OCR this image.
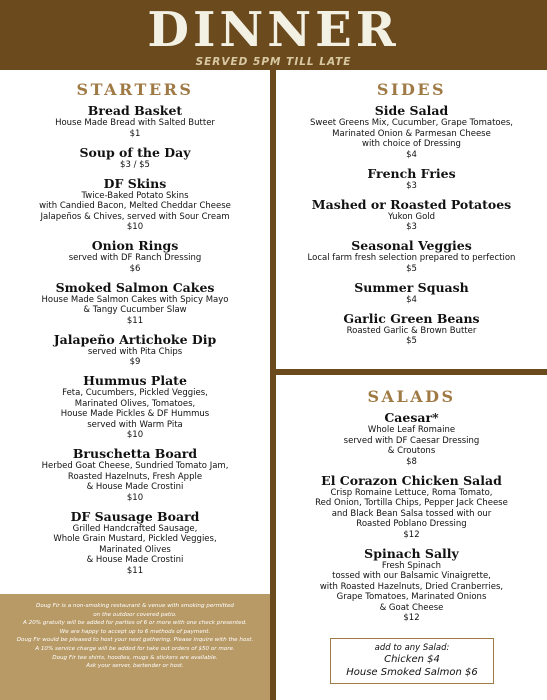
DINNER
SERVED 5PM TILL LATE
STARTERS
Bread Basket
House Made Bread with Salted Butter
$1
Soup of the Day
$3 / $5
DF Skins
Twice-Baked Potato Skins
with Candied Bacon, Melted Cheddar Cheese
Jalapeños & Chives, served with Sour Cream
$10
Onion Rings
served with DF Ranch Dressing
$6
Smoked Salmon Cakes
House Made Salmon Cakes with Spicy Mayo
& Tangy Cucumber Slaw
$11
Jalapeño Artichoke Dip
served with Pita Chips
$9
Hummus Plate
Feta, Cucumbers, Pickled Veggies,
Marinated Olives, Tomatoes,
House Made Pickles & DF Hummus
served with Warm Pita
$10
Bruschetta Board
Herbed Goat Cheese, Sundried Tomato Jam,
Roasted Hazelnuts, Fresh Apple
& House Made Crostini
$10
DF Sausage Board
Grilled Handcrafted Sausage,
Whole Grain Mustard, Pickled Veggies,
Marinated Olives
& House Made Crostini
$11
SIDES
Side Salad
Sweet Greens Mix, Cucumber, Grape Tomatoes,
Marinated Onion & Parmesan Cheese
with choice of Dressing
$4
French Fries
$3
Mashed or Roasted Potatoes
Yukon Gold
$3
Seasonal Veggies
Local farm fresh selection prepared to perfection
$5
Summer Squash
$4
Garlic Green Beans
Roasted Garlic & Brown Butter
$5
SALADS
Caesar*
Whole Leaf Romaine
served with DF Caesar Dressing
& Croutons
$8
El Corazon Chicken Salad
Crisp Romaine Lettuce, Roma Tomato,
Red Onion, Tortilla Chips, Pepper Jack Cheese
and Black Bean Salsa tossed with our
Roasted Poblano Dressing
$12
Spinach Sally
Fresh Spinach
tossed with our Balsamic Vinaigrette,
with Roasted Hazelnuts, Dried Cranberries,
Grape Tomatoes, Marinated Onions
& Goat Cheese
$12
add to any Salad:
Chicken $4
House Smoked Salmon $6
Doug Fir is a non-smoking restaurant & venue with smoking permitted
on the outdoor covered patio.
A 20% gratuity will be added for parties of 6 or more with one check presented.
We are happy to accept up to 6 methods of payment.
Doug Fir would be pleased to host your next gathering. Please inquire with the host.
A 10% service charge will be added for take out orders of $50 or more.
Doug Fir tee shirts, hoodies, mugs & stickers are available.
Ask your server, bartender or host.
